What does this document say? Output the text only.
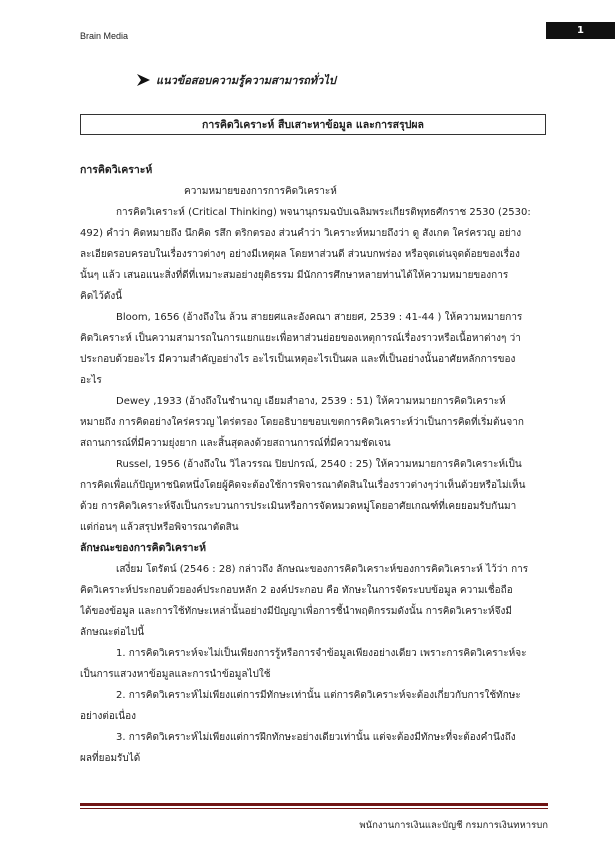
Brain Media	1
แนวข้อสอบความรู้ความสามารถทั่วไป
การคิดวิเคราะห์ สืบเสาะหาข้อมูล และการสรุปผล
การคิดวิเคราะห์
ความหมายของการการคิดวิเคราะห์
การคิดวิเคราะห์ (Critical Thinking) พจนานุกรมฉบับเฉลิมพระเกียรติพุทธศักราช 2530 (2530:
492) คำว่า คิดหมายถึง นึกคิด รสึก ตริกตรอง ส่วนคำว่า วิเคราะห์หมายถึงว่า ดู สังเกต ใคร่ครวญ อย่าง
ละเอียดรอบครอบในเรื่องราวต่างๆ อย่างมีเหตุผล โดยหาส่วนดี ส่วนบกพร่อง หรือจุดเด่นจุดด้อยของเรื่อง
นั้นๆ แล้ว เสนอแนะสิ่งที่ดีที่เหมาะสมอย่างยุติธรรม มีนักการศึกษาหลายท่านได้ให้ความหมายของการ
คิดไว้ดังนี้
Bloom, 1656 (อ้างถึงใน ล้วน สายยศและอังคณา สายยศ, 2539 : 41-44 ) ให้ความหมายการ
คิดวิเคราะห์ เป็นความสามารถในการแยกแยะเพื่อหาส่วนย่อยของเหตุการณ์เรื่องราวหรือเนื้อหาต่างๆ ว่า
ประกอบด้วยอะไร มีความสำคัญอย่างไร อะไรเป็นเหตุอะไรเป็นผล และที่เป็นอย่างนั้นอาศัยหลักการของ
อะไร
Dewey ,1933 (อ้างถึงในชำนาญ เอียมสำอาง, 2539 : 51) ให้ความหมายการคิดวิเคราะห์
หมายถึง การคิดอย่างใคร่ครวญ ไตร่ตรอง โดยอธิบายขอบเขตการคิดวิเคราะห์ว่าเป็นการคิดที่เริ่มต้นจาก
สถานการณ์ที่มีความยุ่งยาก และสิ้นสุดลงด้วยสถานการณ์ที่มีความชัดเจน
Russel, 1956 (อ้างถึงใน วิไลวรรณ ปิยปกรณ์, 2540 : 25) ให้ความหมายการคิดวิเคราะห์เป็น
การคิดเพื่อแก้ปัญหาชนิดหนึ่งโดยผู้คิดจะต้องใช้การพิจารณาตัดสินในเรื่องราวต่างๆว่าเห็นด้วยหรือไม่เห็น
ด้วย การคิดวิเคราะห์จึงเป็นกระบวนการประเมินหรือการจัดหมวดหมู่โดยอาศัยเกณฑ์ที่เคยยอมรับกันมา
แต่ก่อนๆ แล้วสรุปหรือพิจารณาตัดสิน
ลักษณะของการคิดวิเคราะห์
เสงี่ยม โตรัตน์ (2546 : 28) กล่าวถึง ลักษณะของการคิดวิเคราะห์ของการคิดวิเคราะห์ ไว้ว่า การ
คิดวิเคราะห์ประกอบด้วยองค์ประกอบหลัก 2 องค์ประกอบ คือ ทักษะในการจัดระบบข้อมูล ความเชื่อถือ
ได้ของข้อมูล และการใช้ทักษะเหล่านั้นอย่างมีปัญญาเพื่อการชี้นำพฤติกรรมดังนั้น การคิดวิเคราะห์จึงมี
ลักษณะต่อไปนี้
1. การคิดวิเคราะห์จะไม่เป็นเพียงการรู้หรือการจำข้อมูลเพียงอย่างเดียว เพราะการคิดวิเคราะห์จะ
เป็นการแสวงหาข้อมูลและการนำข้อมูลไปใช้
2. การคิดวิเคราะห์ไม่เพียงแต่การมีทักษะเท่านั้น แต่การคิดวิเคราะห์จะต้องเกี่ยวกับการใช้ทักษะ
อย่างต่อเนื่อง
3. การคิดวิเคราะห์ไม่เพียงแต่การฝึกทักษะอย่างเดียวเท่านั้น แต่จะต้องมีทักษะที่จะต้องคำนึงถึง
ผลที่ยอมรับได้
พนักงานการเงินและบัญชี กรมการเงินทหารบก
